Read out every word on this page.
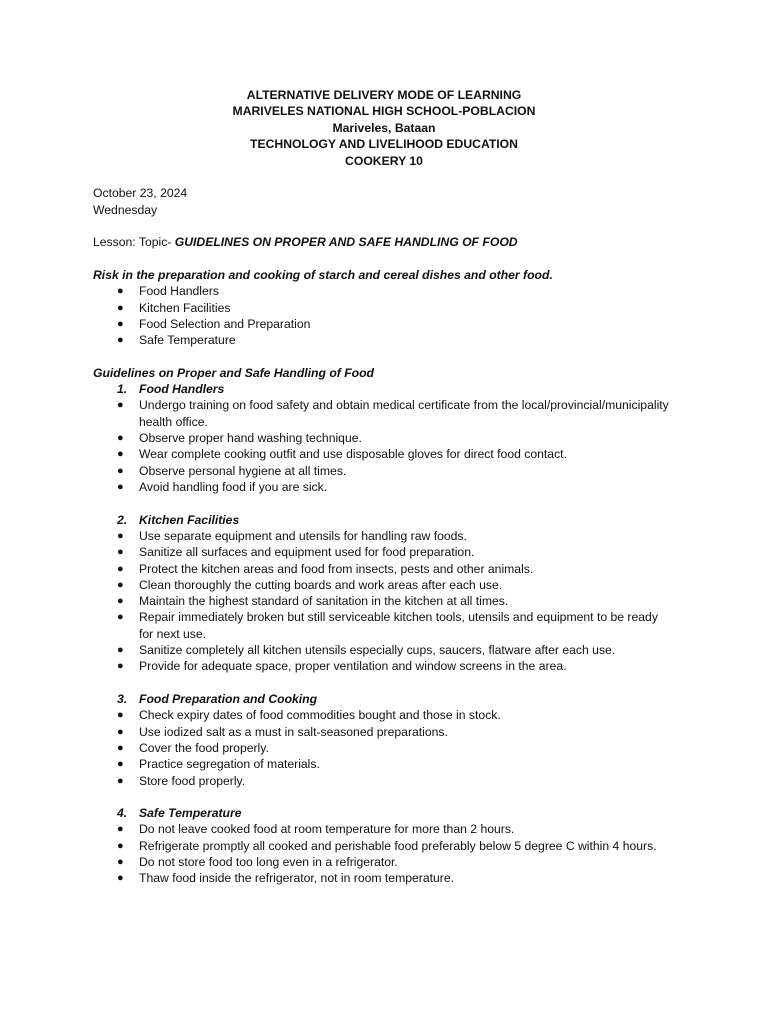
ALTERNATIVE DELIVERY MODE OF LEARNING
MARIVELES NATIONAL HIGH SCHOOL-POBLACION
Mariveles, Bataan
TECHNOLOGY AND LIVELIHOOD EDUCATION
COOKERY 10
October 23, 2024
Wednesday
Lesson: Topic- GUIDELINES ON PROPER AND SAFE HANDLING OF FOOD
Risk in the preparation and cooking of starch and cereal dishes and other food.
● Food Handlers
● Kitchen Facilities
● Food Selection and Preparation
● Safe Temperature
Guidelines on Proper and Safe Handling of Food
1. Food Handlers
● Undergo training on food safety and obtain medical certificate from the local/provincial/municipality health office.
● Observe proper hand washing technique.
● Wear complete cooking outfit and use disposable gloves for direct food contact.
● Observe personal hygiene at all times.
● Avoid handling food if you are sick.
2. Kitchen Facilities
● Use separate equipment and utensils for handling raw foods.
● Sanitize all surfaces and equipment used for food preparation.
● Protect the kitchen areas and food from insects, pests and other animals.
● Clean thoroughly the cutting boards and work areas after each use.
● Maintain the highest standard of sanitation in the kitchen at all times.
● Repair immediately broken but still serviceable kitchen tools, utensils and equipment to be ready for next use.
● Sanitize completely all kitchen utensils especially cups, saucers, flatware after each use.
● Provide for adequate space, proper ventilation and window screens in the area.
3. Food Preparation and Cooking
● Check expiry dates of food commodities bought and those in stock.
● Use iodized salt as a must in salt-seasoned preparations.
● Cover the food properly.
● Practice segregation of materials.
● Store food properly.
4. Safe Temperature
● Do not leave cooked food at room temperature for more than 2 hours.
● Refrigerate promptly all cooked and perishable food preferably below 5 degree C within 4 hours.
● Do not store food too long even in a refrigerator.
● Thaw food inside the refrigerator, not in room temperature.
